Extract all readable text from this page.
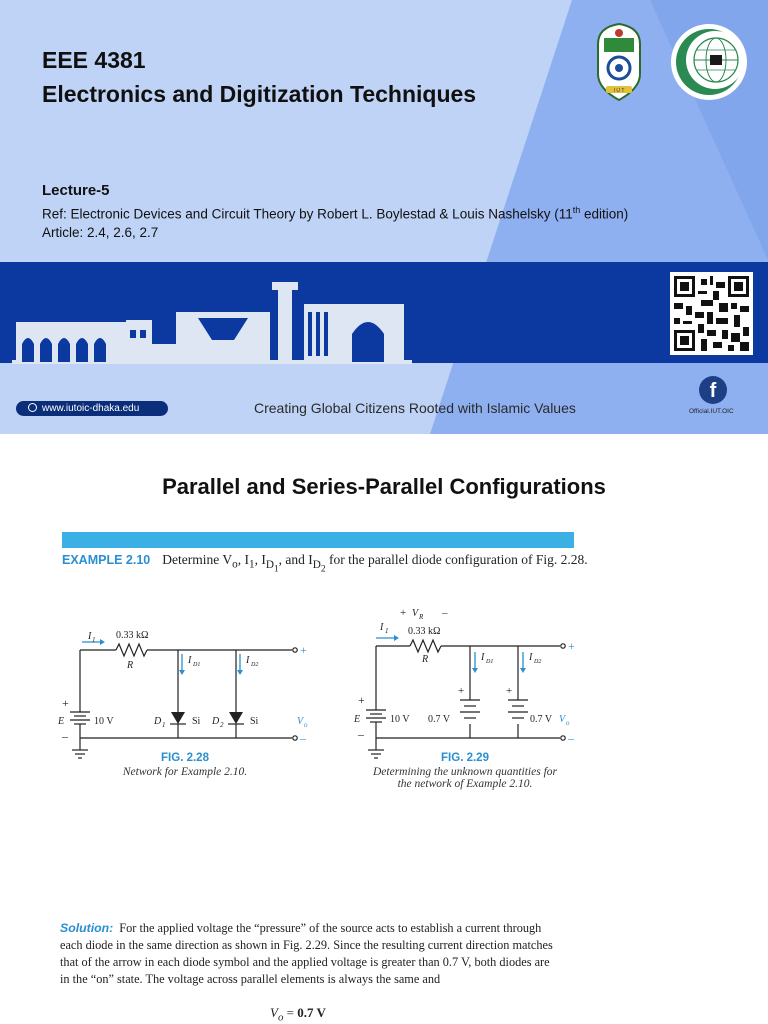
EEE 4381
Electronics and Digitization Techniques
Lecture-5
Ref: Electronic Devices and Circuit Theory by Robert L. Boylestad & Louis Nashelsky (11th edition)
Article: 2.4, 2.6, 2.7
I U T
www.iutoic-dhaka.edu	Creating Global Citizens Rooted with Islamic Values
f
Official.IUT.OIC
Parallel and Series-Parallel Configurations
EXAMPLE 2.10 Determine $V_o$, $I_1$, $I_{D_1}$, and $I_{D_2}$ for the parallel diode configuration of Fig. 2.28.
I 1
R
E	D 1	D 2
I D1	I D2
V o
0.33 kΩ
10 V	Si	Si
+
–
+
–
+ V R –
I 1 0.33 kΩ
R
E	10 V
+
–
0.7 V
+	+
I D1	I D2
0.7 V V o
+
–
FIG. 2.28
Network for Example 2.10.
FIG. 2.29
Determining the unknown quantities for
the network of Example 2.10.
Solution: For the applied voltage the “pressure” of the source acts to establish a current through each diode in the same direction as shown in Fig. 2.29. Since the resulting current direction matches that of the arrow in each diode symbol and the applied voltage is greater than 0.7 V, both diodes are in the “on” state. The voltage across parallel elements is always the same and
$V_o = 0.7$ V
